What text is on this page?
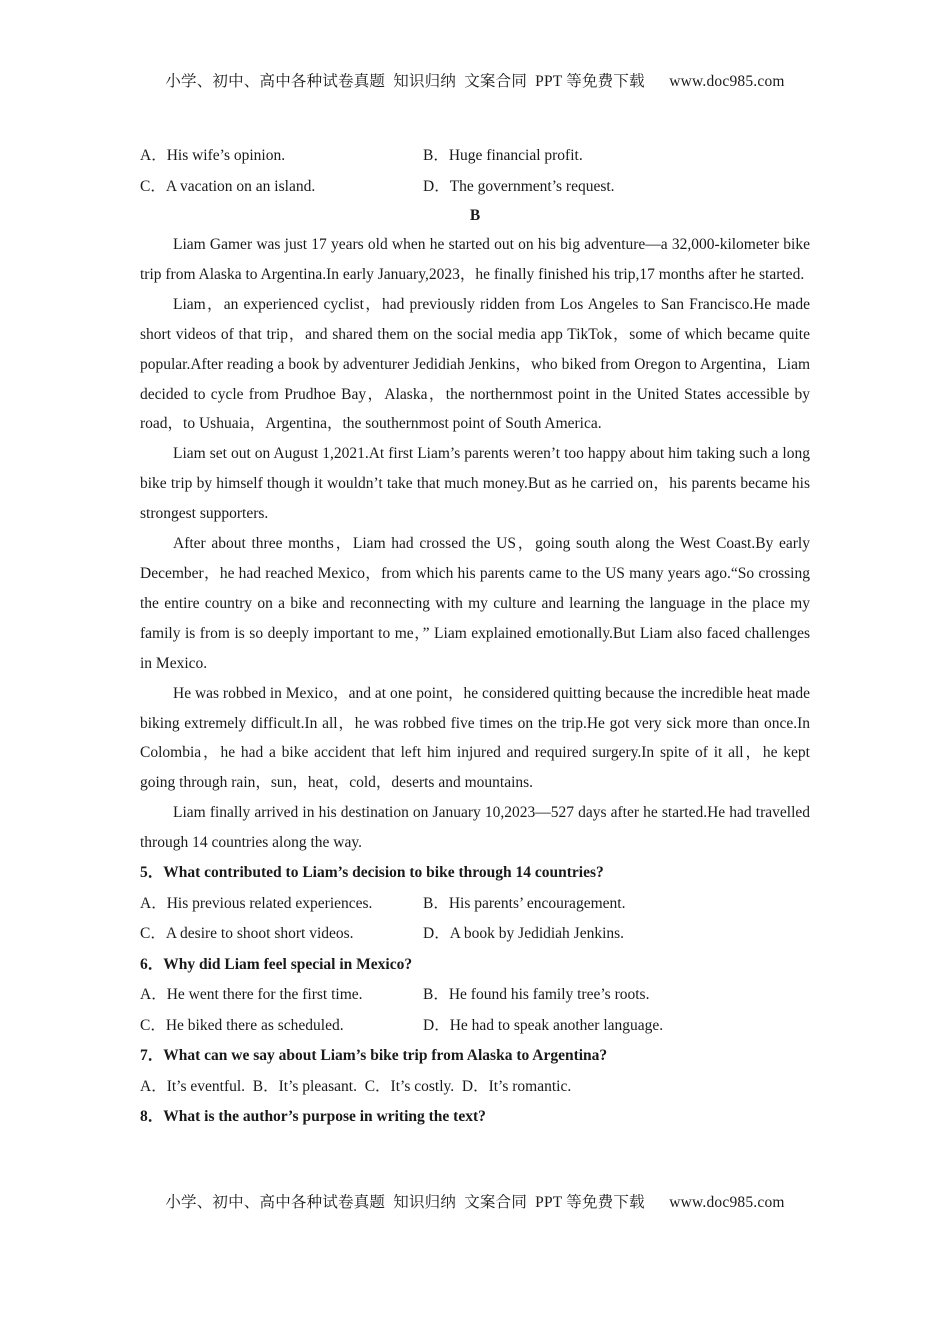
小学、初中、高中各种试卷真题  知识归纳  文案合同  PPT 等免费下载      www.doc985.com
A．His wife’s opinion.	B．Huge financial profit.
C．A vacation on an island.	D．The government’s request.
B

Liam Gamer was just 17 years old when he started out on his big adventure—a 32,000-kilometer bike trip from Alaska to Argentina.In early January,2023，he finally finished his trip,17 months after he started.

Liam，an experienced cyclist，had previously ridden from Los Angeles to San Francisco.He made short videos of that trip，and shared them on the social media app TikTok，some of which became quite popular.After reading a book by adventurer Jedidiah Jenkins，who biked from Oregon to Argentina，Liam decided to cycle from Prudhoe Bay，Alaska，the northernmost point in the United States accessible by road，to Ushuaia，Argentina，the southernmost point of South America.

Liam set out on August 1,2021.At first Liam’s parents weren’t too happy about him taking such a long bike trip by himself though it wouldn’t take that much money.But as he carried on，his parents became his strongest supporters.

After about three months，Liam had crossed the US，going south along the West Coast.By early December，he had reached Mexico，from which his parents came to the US many years ago.“So crossing the entire country on a bike and reconnecting with my culture and learning the language in the place my family is from is so deeply important to me，” Liam explained emotionally.But Liam also faced challenges in Mexico.

He was robbed in Mexico，and at one point，he considered quitting because the incredible heat made biking extremely difficult.In all，he was robbed five times on the trip.He got very sick more than once.In Colombia，he had a bike accident that left him injured and required surgery.In spite of it all，he kept going through rain，sun，heat，cold，deserts and mountains.

Liam finally arrived in his destination on January 10,2023—527 days after he started.He had travelled through 14 countries along the way.

5．What contributed to Liam’s decision to bike through 14 countries?
A．His previous related experiences.	B．His parents’ encouragement.
C．A desire to shoot short videos.	D．A book by Jedidiah Jenkins.
6．Why did Liam feel special in Mexico?
A．He went there for the first time.	B．He found his family tree’s roots.
C．He biked there as scheduled.	D．He had to speak another language.
7．What can we say about Liam’s bike trip from Alaska to Argentina?
A．It’s eventful.  B．It’s pleasant.  C．It’s costly.  D．It’s romantic.
8．What is the author’s purpose in writing the text?
小学、初中、高中各种试卷真题  知识归纳  文案合同  PPT 等免费下载      www.doc985.com
